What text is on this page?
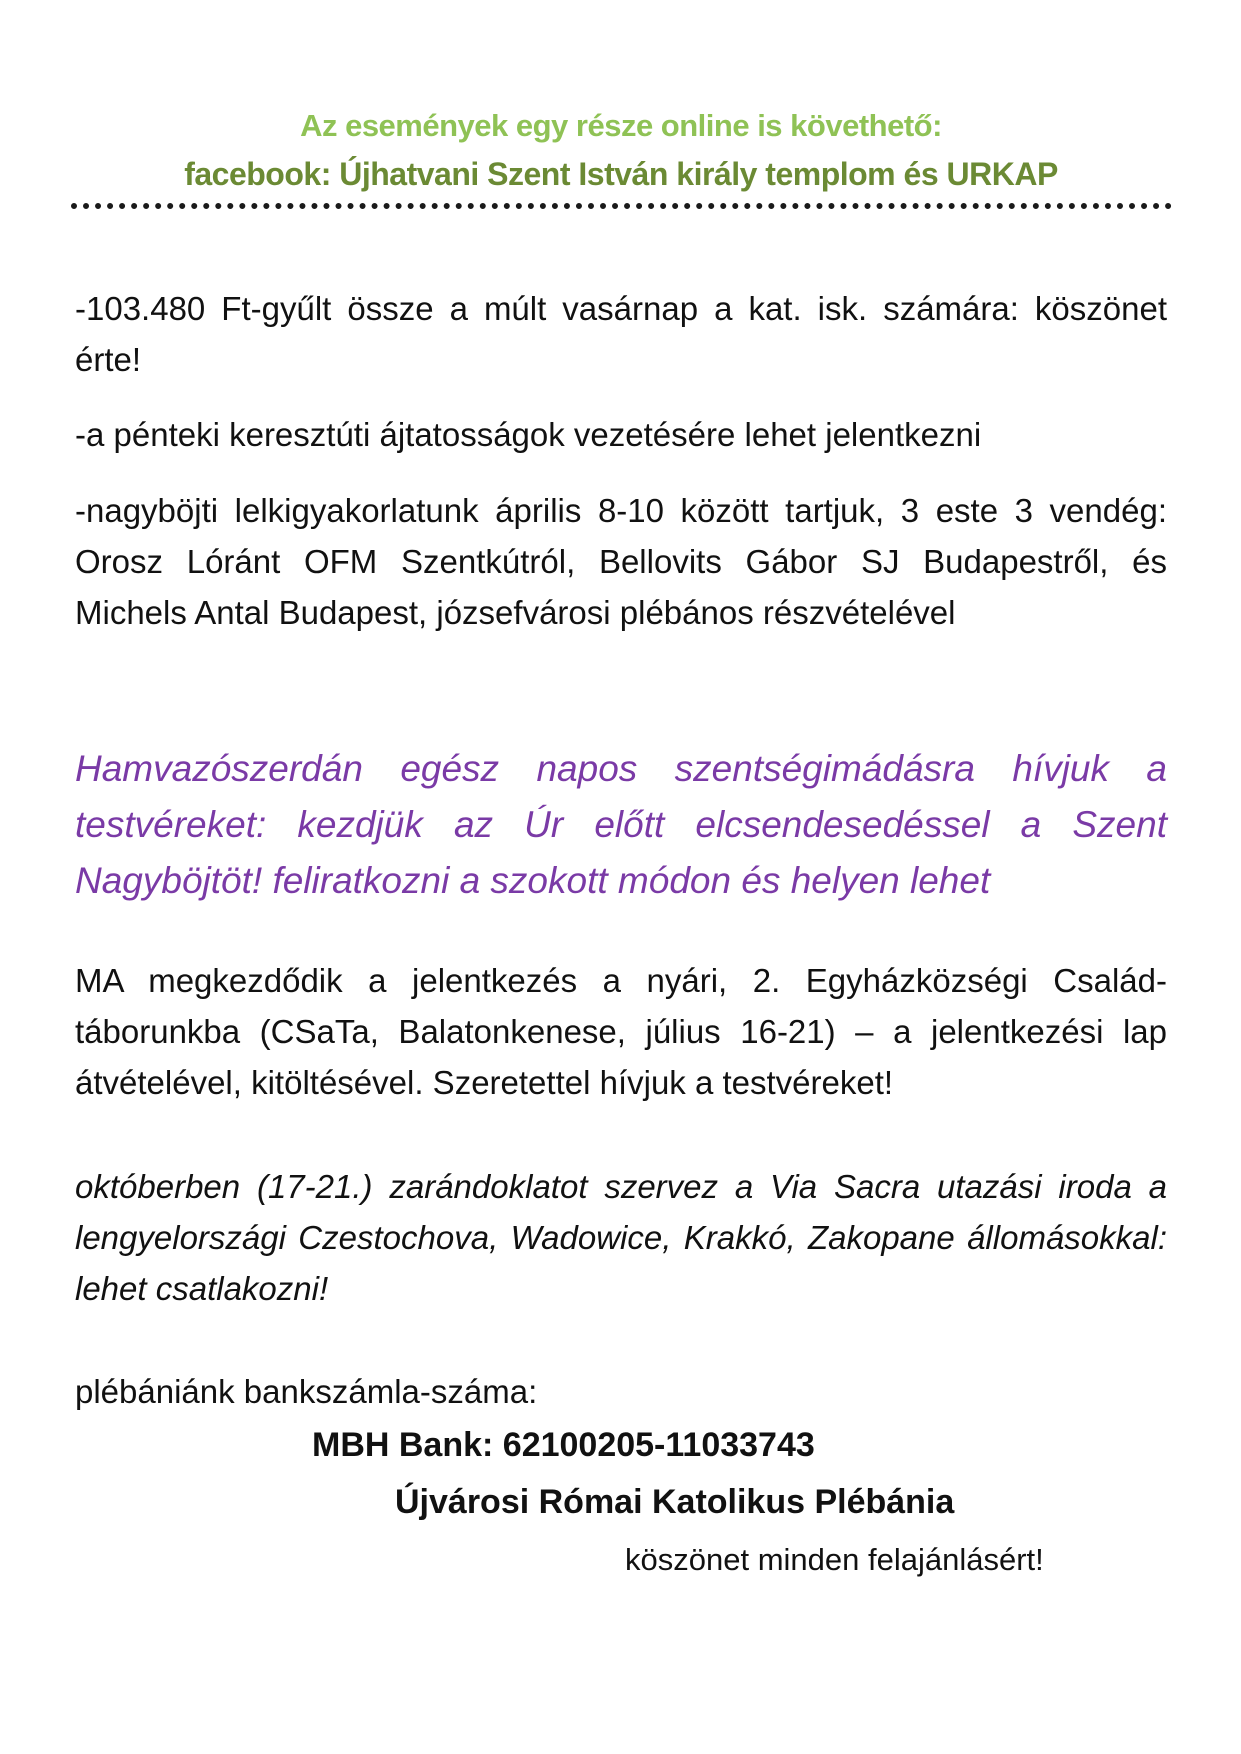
Az események egy része online is követhető:
facebook: Újhatvani Szent István király templom és URKAP

-103.480 Ft-gyűlt össze a múlt vasárnap a kat. isk. számára: köszönet érte!

-a pénteki keresztúti ájtatosságok vezetésére lehet jelentkezni

-nagyböjti lelkigyakorlatunk április 8-10 között tartjuk, 3 este 3 vendég: Orosz Lóránt OFM Szentkútról, Bellovits Gábor SJ Budapestről, és Michels Antal Budapest, józsefvárosi plébános részvételével

Hamvazószerdán egész napos szentségimádásra hívjuk a testvéreket: kezdjük az Úr előtt elcsendesedéssel a Szent Nagyböjtöt! feliratkozni a szokott módon és helyen lehet

MA megkezdődik a jelentkezés a nyári, 2. Egyházközségi Család-táborunkba (CSaTa, Balatonkenese, július 16-21) – a jelentkezési lap átvételével, kitöltésével. Szeretettel hívjuk a testvéreket!

októberben (17-21.) zarándoklatot szervez a Via Sacra utazási iroda a lengyelországi Czestochova, Wadowice, Krakkó, Zakopane állomásokkal: lehet csatlakozni!

plébániánk bankszámla-száma:

MBH Bank: 62100205-11033743
Újvárosi Római Katolikus Plébánia
köszönet minden felajánlásért!
